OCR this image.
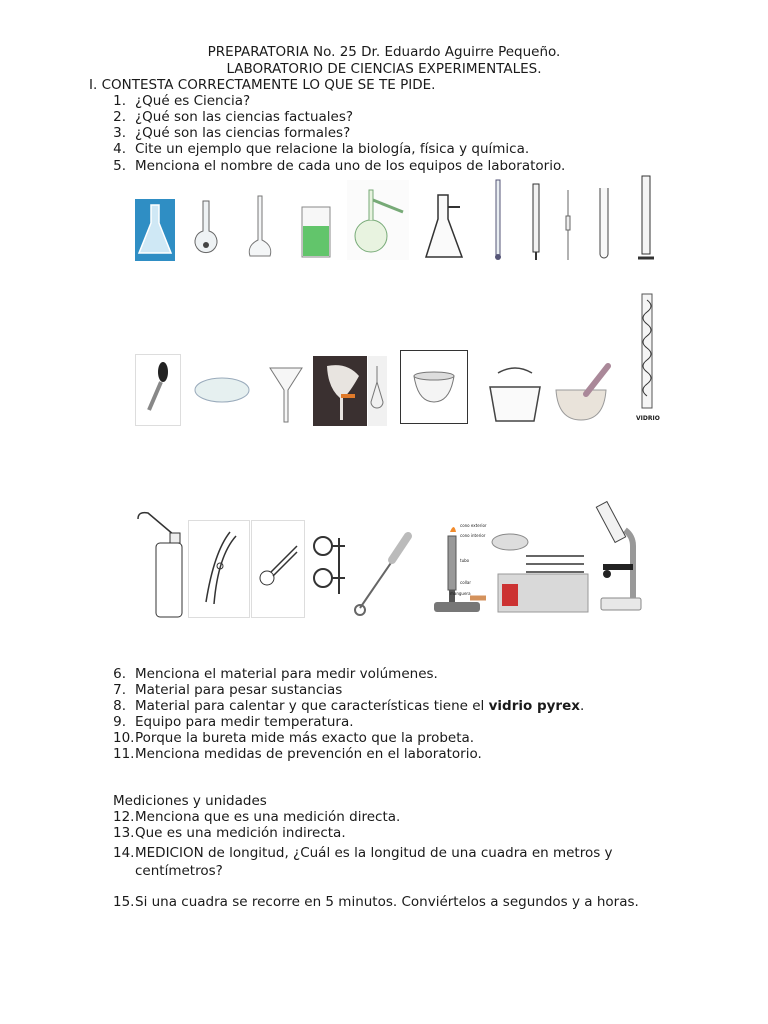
PREPARATORIA No. 25 Dr. Eduardo Aguirre Pequeño.
LABORATORIO DE CIENCIAS EXPERIMENTALES.
I. CONTESTA CORRECTAMENTE LO QUE SE TE PIDE.
1. ¿Qué es Ciencia?
2. ¿Qué son las ciencias factuales?
3. ¿Qué son las ciencias formales?
4. Cite un ejemplo que relacione la biología, física y química.
5. Menciona el nombre de cada uno de los equipos de laboratorio.
VIDRIO
cono exterior
cono interior
tubo
collar
manguera
6. Menciona el material para medir volúmenes.
7. Material para pesar sustancias
8. Material para calentar y que características tiene el vidrio pyrex.
9. Equipo para medir temperatura.
10. Porque la bureta mide más exacto que la probeta.
11. Menciona medidas de prevención en el laboratorio.
Mediciones y unidades
12. Menciona que es una medición directa.
13. Que es una medición indirecta.
14. MEDICION de longitud, ¿Cuál es la longitud de una cuadra en metros y
centímetros?
15. Si una cuadra se recorre en 5 minutos. Conviértelos a segundos y a horas.
